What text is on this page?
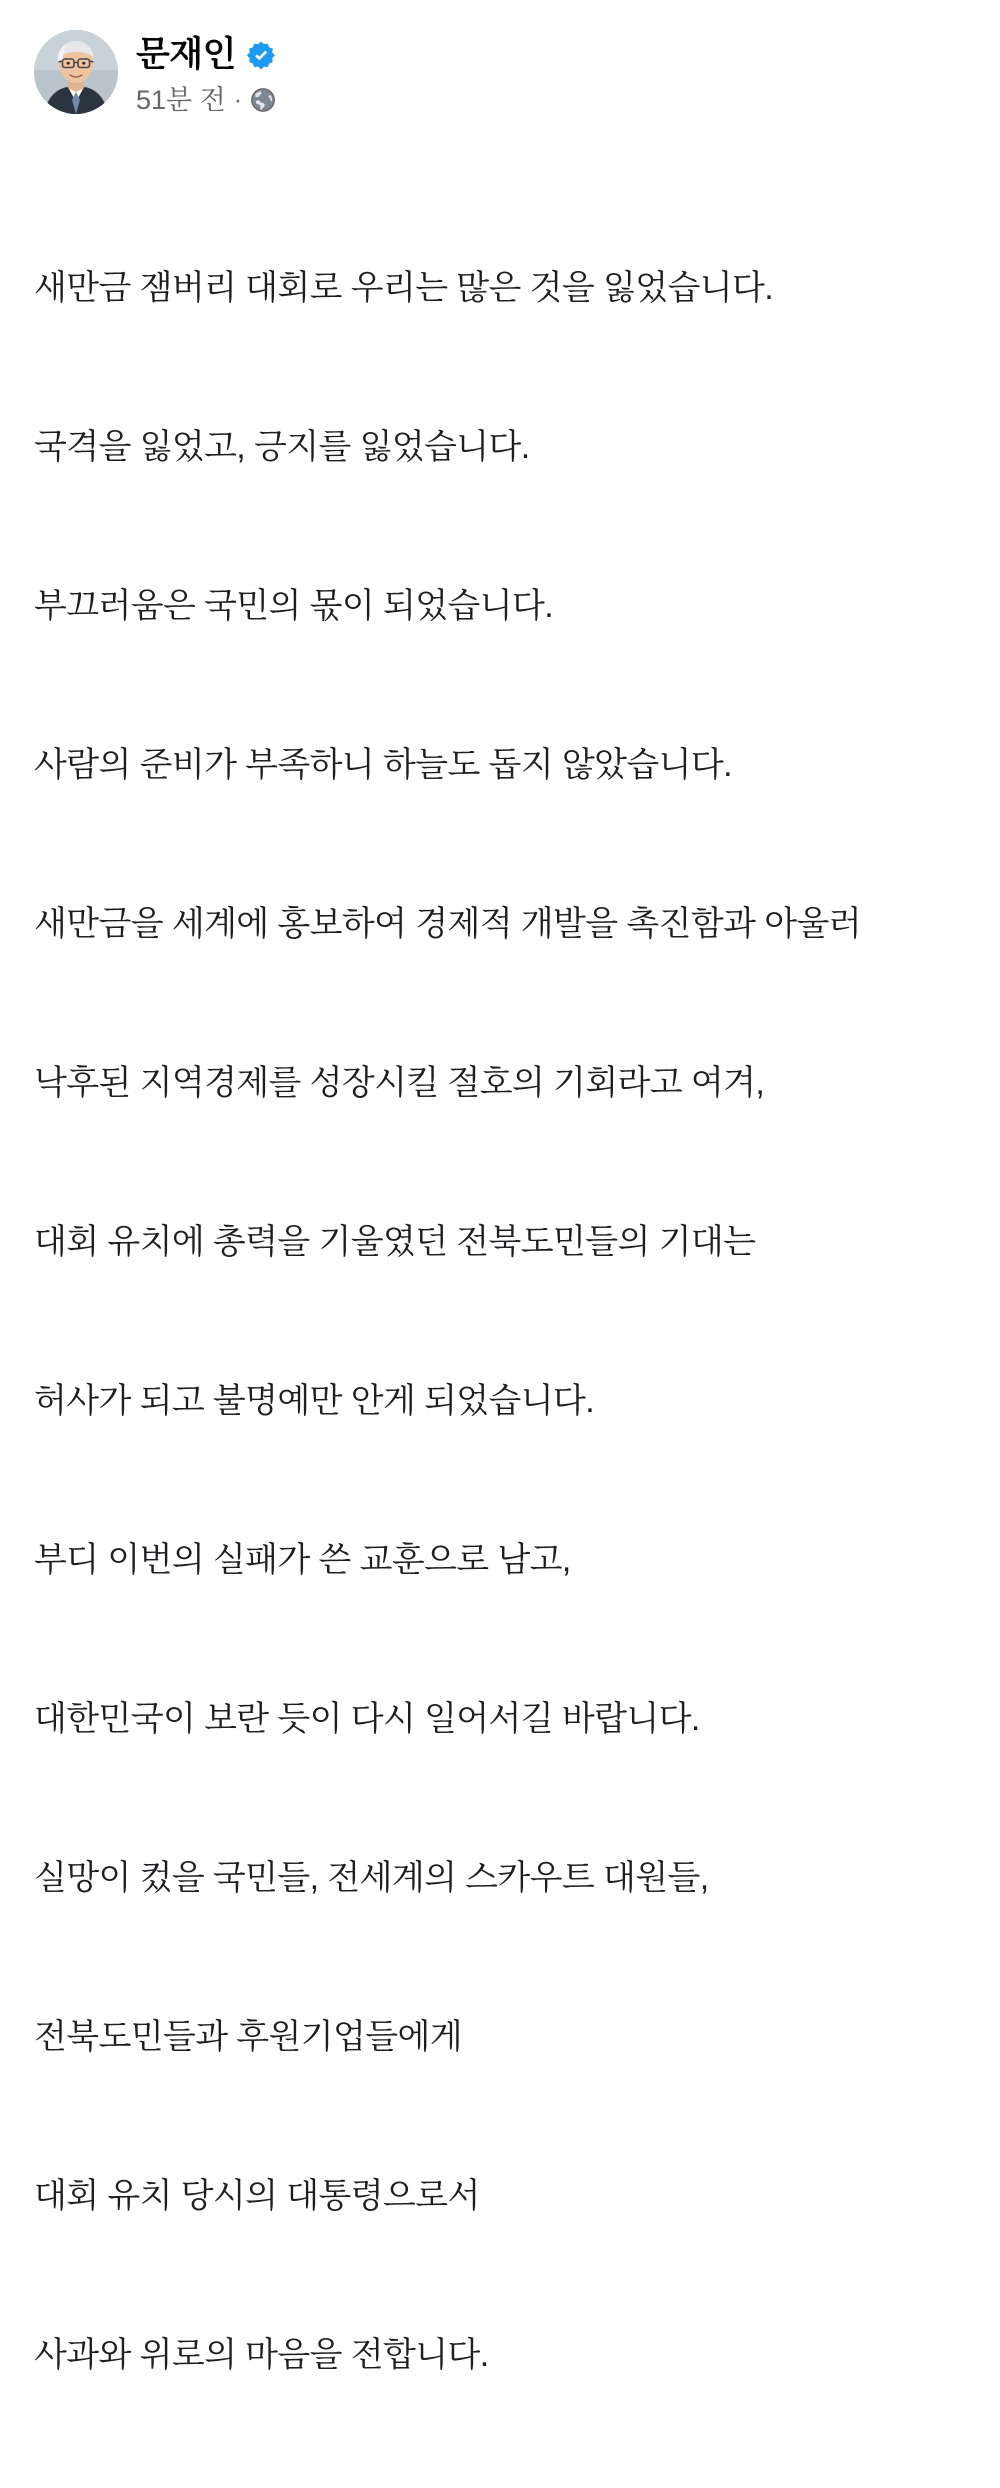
문재인
51분 전 ·

새만금 잼버리 대회로 우리는 많은 것을 잃었습니다.

국격을 잃었고, 긍지를 잃었습니다.

부끄러움은 국민의 몫이 되었습니다.

사람의 준비가 부족하니 하늘도 돕지 않았습니다.

새만금을 세계에 홍보하여 경제적 개발을 촉진함과 아울러

낙후된 지역경제를 성장시킬 절호의 기회라고 여겨,

대회 유치에 총력을 기울였던 전북도민들의 기대는

허사가 되고 불명예만 안게 되었습니다.

부디 이번의 실패가 쓴 교훈으로 남고,

대한민국이 보란 듯이 다시 일어서길 바랍니다.

실망이 컸을 국민들, 전세계의 스카우트 대원들,

전북도민들과 후원기업들에게

대회 유치 당시의 대통령으로서

사과와 위로의 마음을 전합니다.
